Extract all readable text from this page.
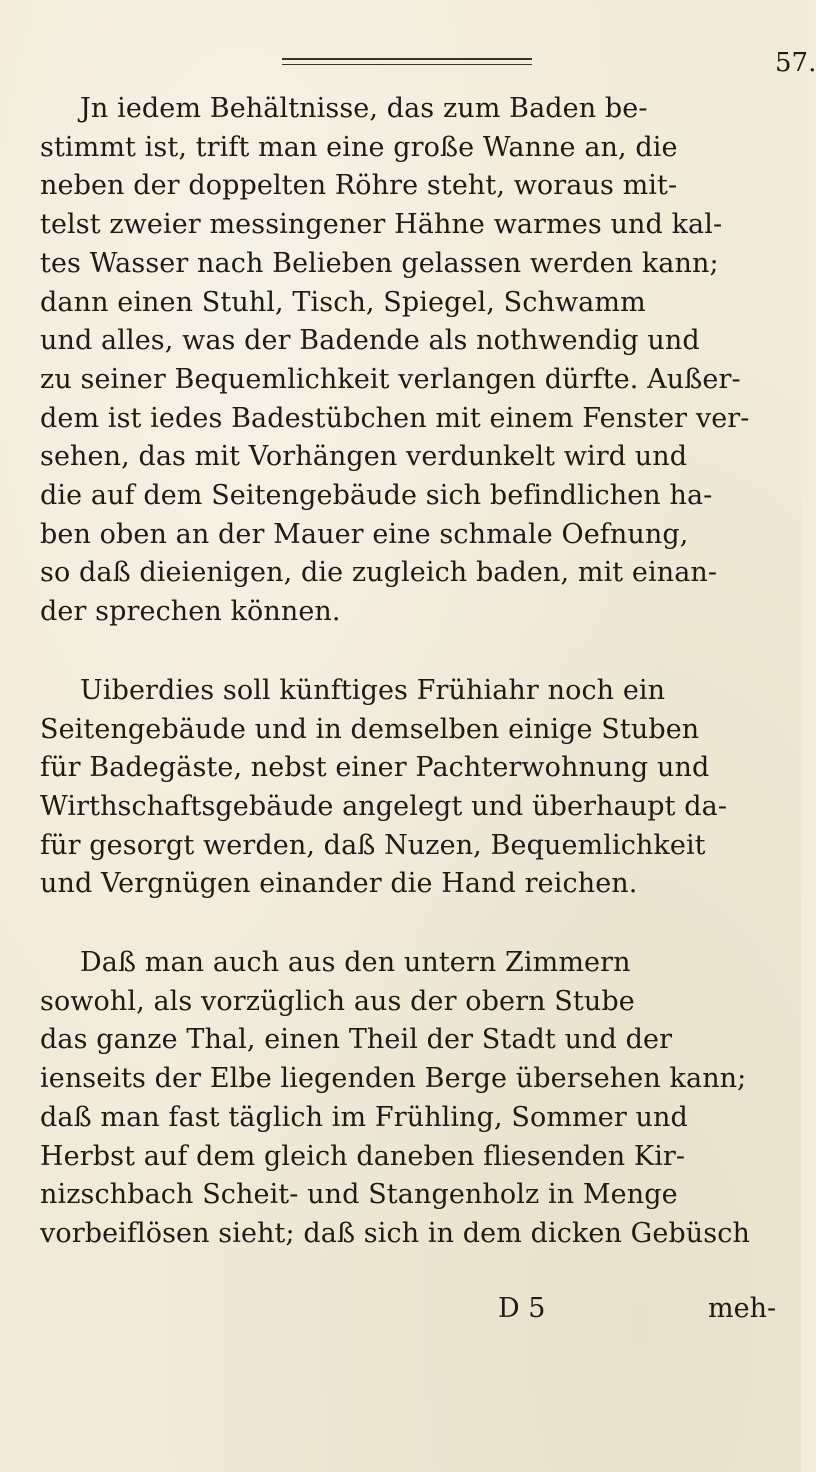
57.
Jn iedem Behältnisse, das zum Baden be-
stimmt ist, trift man eine große Wanne an, die
neben der doppelten Röhre steht, woraus mit-
telst zweier messingener Hähne warmes und kal-
tes Wasser nach Belieben gelassen werden kann;
dann einen Stuhl, Tisch, Spiegel, Schwamm
und alles, was der Badende als nothwendig und
zu seiner Bequemlichkeit verlangen dürfte. Außer-
dem ist iedes Badestübchen mit einem Fenster ver-
sehen, das mit Vorhängen verdunkelt wird und
die auf dem Seitengebäude sich befindlichen ha-
ben oben an der Mauer eine schmale Oefnung,
so daß dieienigen, die zugleich baden, mit einan-
der sprechen können.
Uiberdies soll künftiges Frühiahr noch ein
Seitengebäude und in demselben einige Stuben
für Badegäste, nebst einer Pachterwohnung und
Wirthschaftsgebäude angelegt und überhaupt da-
für gesorgt werden, daß Nuzen, Bequemlichkeit
und Vergnügen einander die Hand reichen.
Daß man auch aus den untern Zimmern
sowohl, als vorzüglich aus der obern Stube
das ganze Thal, einen Theil der Stadt und der
ienseits der Elbe liegenden Berge übersehen kann;
daß man fast täglich im Frühling, Sommer und
Herbst auf dem gleich daneben fliesenden Kir-
nizschbach Scheit- und Stangenholz in Menge
vorbeiflösen sieht; daß sich in dem dicken Gebüsch
D 5	meh-
